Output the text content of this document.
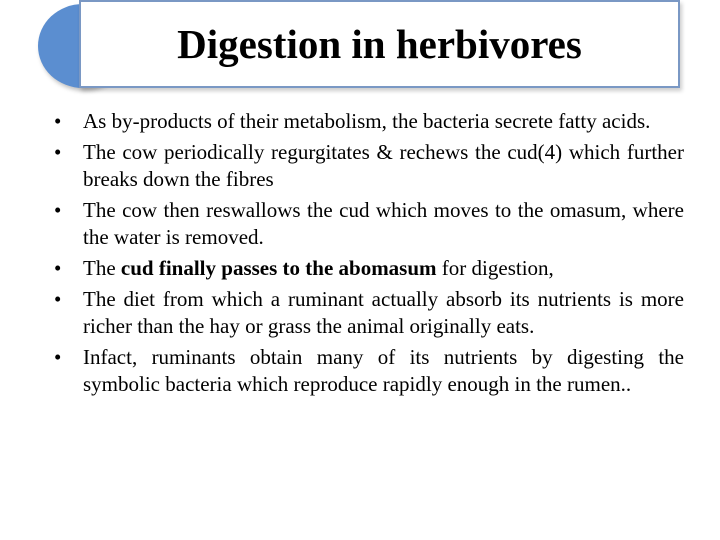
Digestion in herbivores
•	As by-products of their metabolism, the bacteria secrete fatty acids.
•	The cow periodically regurgitates & rechews the cud(4) which further breaks down the fibres
•	The cow then reswallows the cud which moves to the omasum, where the water is removed.
•	The cud finally passes to the abomasum for digestion,
•	The diet from which a ruminant actually absorb its nutrients is more richer than the hay or grass the animal originally eats.
•	Infact, ruminants obtain many of its nutrients by digesting the symbolic bacteria which reproduce rapidly enough in the rumen..
